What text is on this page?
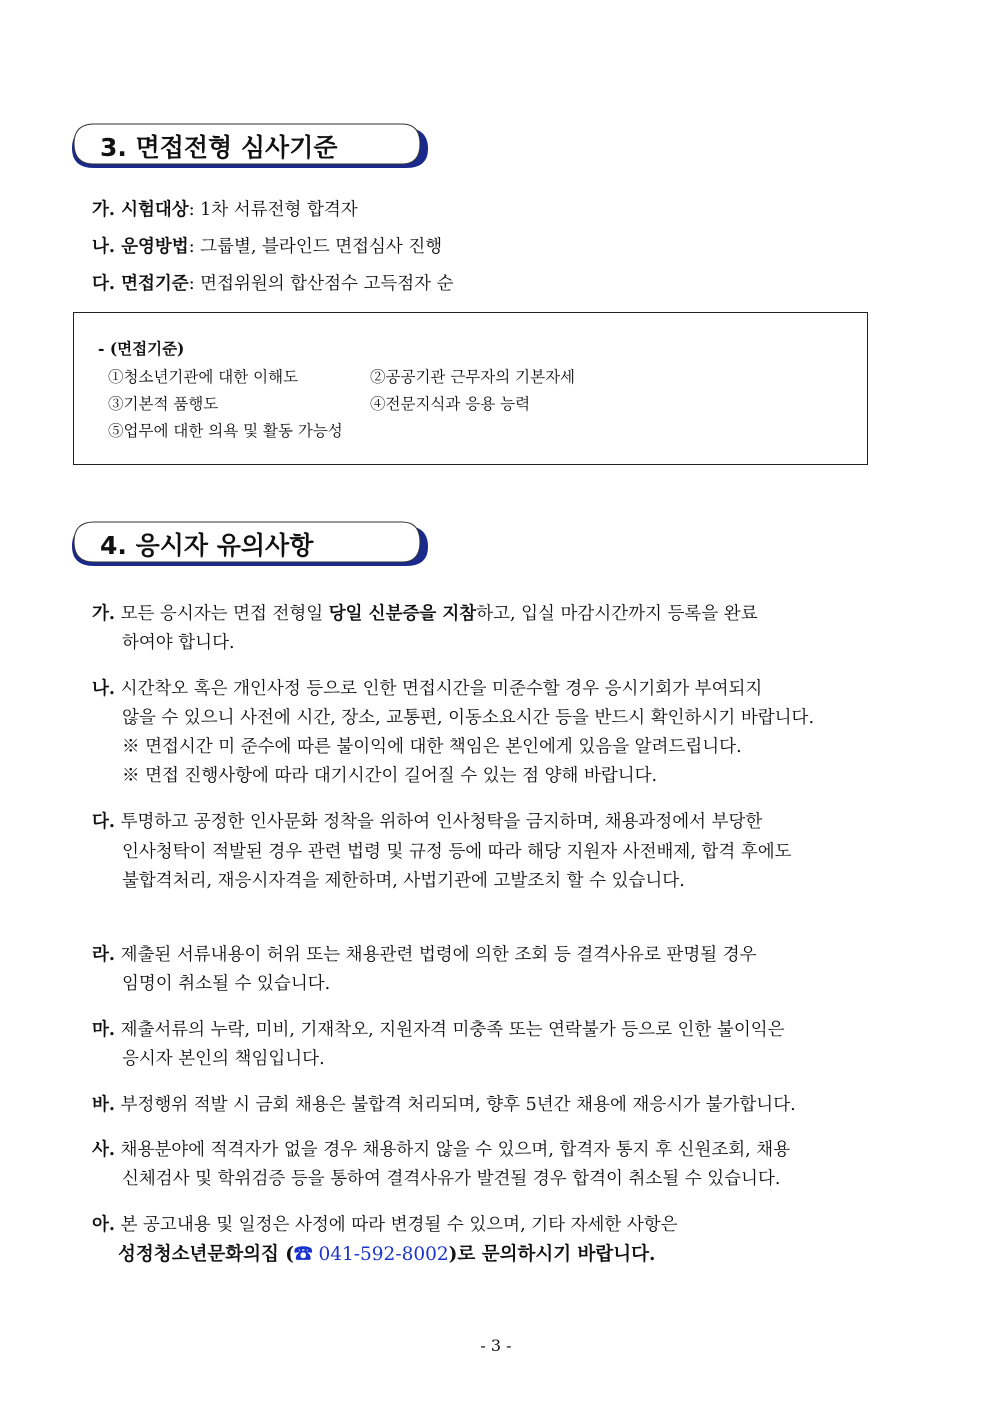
3. 면접전형 심사기준
가. 시험대상: 1차 서류전형 합격자
나. 운영방법: 그룹별, 블라인드 면접심사 진행
다. 면접기준: 면접위원의 합산점수 고득점자 순
- (면접기준)
①청소년기관에 대한 이해도	②공공기관 근무자의 기본자세
③기본적 품행도	④전문지식과 응용 능력
⑤업무에 대한 의욕 및 활동 가능성
4. 응시자 유의사항
가. 모든 응시자는 면접 전형일 당일 신분증을 지참하고, 입실 마감시간까지 등록을 완료
하여야 합니다.
나. 시간착오 혹은 개인사정 등으로 인한 면접시간을 미준수할 경우 응시기회가 부여되지
않을 수 있으니 사전에 시간, 장소, 교통편, 이동소요시간 등을 반드시 확인하시기 바랍니다.
※ 면접시간 미 준수에 따른 불이익에 대한 책임은 본인에게 있음을 알려드립니다.
※ 면접 진행사항에 따라 대기시간이 길어질 수 있는 점 양해 바랍니다.
다. 투명하고 공정한 인사문화 정착을 위하여 인사청탁을 금지하며, 채용과정에서 부당한
인사청탁이 적발된 경우 관련 법령 및 규정 등에 따라 해당 지원자 사전배제, 합격 후에도
불합격처리, 재응시자격을 제한하며, 사법기관에 고발조치 할 수 있습니다.
라. 제출된 서류내용이 허위 또는 채용관련 법령에 의한 조회 등 결격사유로 판명될 경우
임명이 취소될 수 있습니다.
마. 제출서류의 누락, 미비, 기재착오, 지원자격 미충족 또는 연락불가 등으로 인한 불이익은
응시자 본인의 책임입니다.
바. 부정행위 적발 시 금회 채용은 불합격 처리되며, 향후 5년간 채용에 재응시가 불가합니다.
사. 채용분야에 적격자가 없을 경우 채용하지 않을 수 있으며, 합격자 통지 후 신원조회, 채용
신체검사 및 학위검증 등을 통하여 결격사유가 발견될 경우 합격이 취소될 수 있습니다.
아. 본 공고내용 및 일정은 사정에 따라 변경될 수 있으며, 기타 자세한 사항은
성정청소년문화의집 (☎ 041-592-8002)로 문의하시기 바랍니다.
- 3 -
